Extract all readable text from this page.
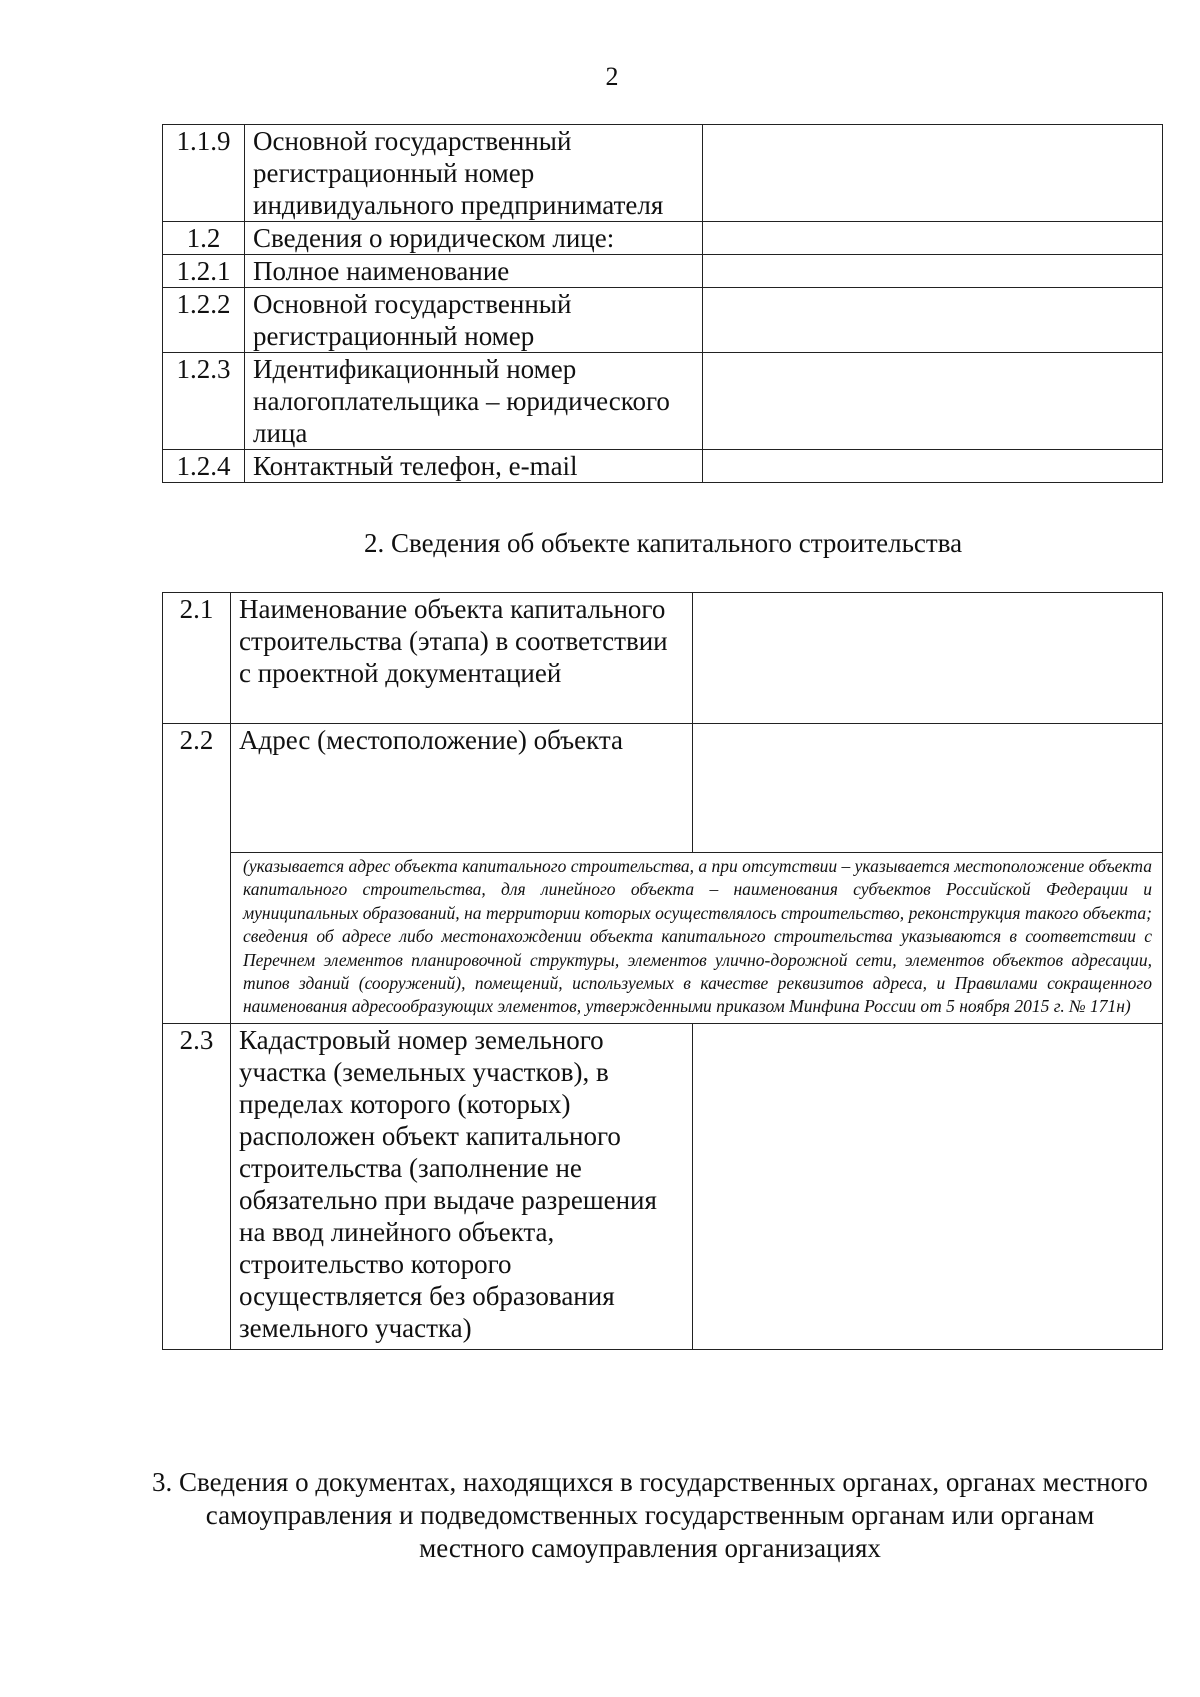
2
1.1.9	Основной государственный регистрационный номер индивидуального предпринимателя	
1.2	Сведения о юридическом лице:	
1.2.1	Полное наименование	
1.2.2	Основной государственный регистрационный номер	
1.2.3	Идентификационный номер налогоплательщика – юридического лица	
1.2.4	Контактный телефон, e-mail	
2. Сведения об объекте капитального строительства
2.1	Наименование объекта капитального строительства (этапа) в соответствии с проектной документацией	
2.2	Адрес (местоположение) объекта	
	(указывается адрес объекта капитального строительства, а при отсутствии – указывается местоположение объекта капитального строительства, для линейного объекта – наименования субъектов Российской Федерации и муниципальных образований, на территории которых осуществлялось строительство, реконструкция такого объекта; сведения об адресе либо местонахождении объекта капитального строительства указываются в соответствии с Перечнем элементов планировочной структуры, элементов улично-дорожной сети, элементов объектов адресации, типов зданий (сооружений), помещений, используемых в качестве реквизитов адреса, и Правилами сокращенного наименования адресообразующих элементов, утвержденными приказом Минфина России от 5 ноября 2015 г. № 171н)	
2.3	Кадастровый номер земельного участка (земельных участков), в пределах которого (которых) расположен объект капитального строительства (заполнение не обязательно при выдаче разрешения на ввод линейного объекта, строительство которого осуществляется без образования земельного участка)	
3. Сведения о документах, находящихся в государственных органах, органах местного самоуправления и подведомственных государственным органам или органам местного самоуправления организациях
